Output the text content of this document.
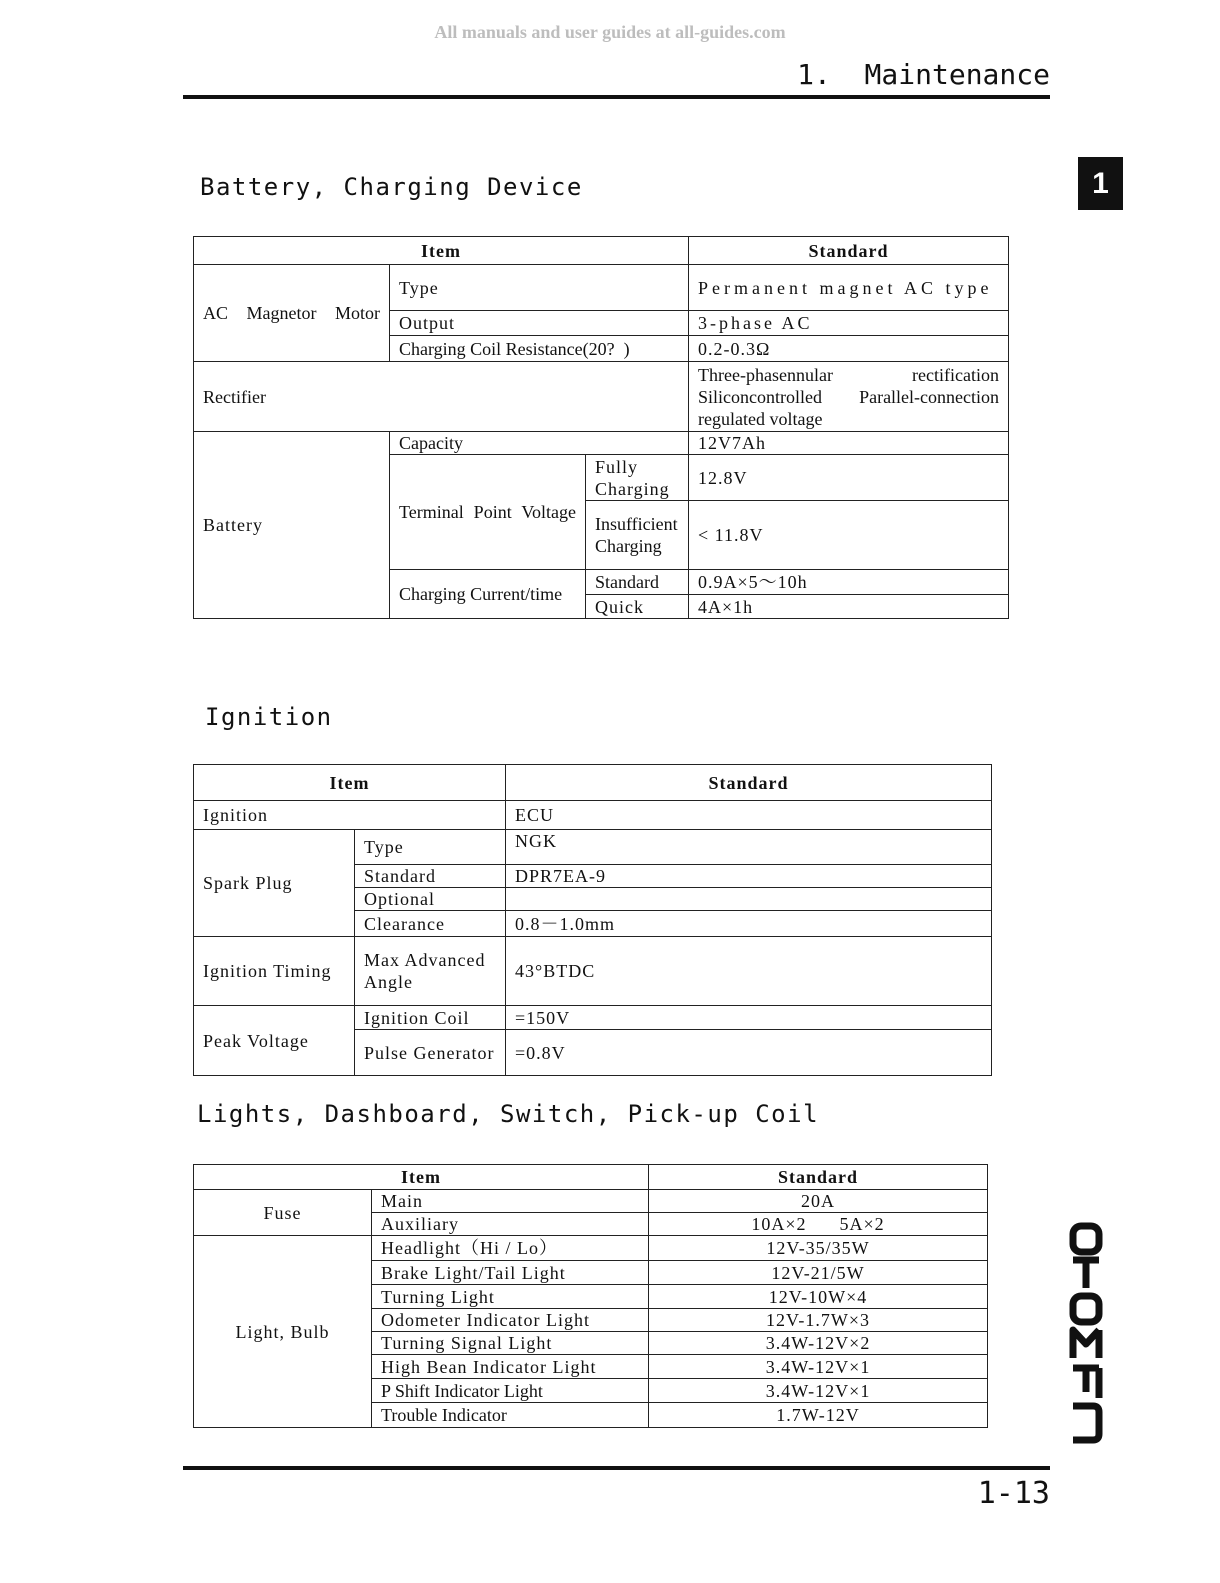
All manuals and user guides at all-guides.com
1.  Maintenance
1
Battery, Charging Device
Item			Standard
AC Magnetor Motor	Type		Permanent magnet AC type
	Output		3-phase AC
	Charging Coil Resistance(20?  )		0.2-0.3Ω
Rectifier			Three-phasennular rectification Siliconcontrolled Parallel-connection regulated voltage
Battery	Capacity		12V7Ah
	Terminal Point Voltage	Fully Charging	12.8V
		Insufficient Charging	< 11.8V
	Charging Current/time	Standard	0.9A×5～10h
		Quick	4A×1h
Ignition
Item		Standard
Ignition		ECU
Spark Plug	Type	NGK
	Standard	DPR7EA-9
	Optional	
	Clearance	0.8－1.0mm
Ignition Timing	Max Advanced Angle	43°BTDC
Peak Voltage	Ignition Coil	=150V
	Pulse Generator	=0.8V
Lights, Dashboard, Switch, Pick-up Coil
Item		Standard
Fuse	Main	20A
	Auxiliary	10A×2      5A×2
Light, Bulb	Headlight（Hi / Lo）	12V-35/35W
	Brake Light/Tail Light	12V-21/5W
	Turning Light	12V-10W×4
	Odometer Indicator Light	12V-1.7W×3
	Turning Signal Light	3.4W-12V×2
	High Bean Indicator Light	3.4W-12V×1
	P Shift Indicator Light	3.4W-12V×1
	Trouble Indicator	1.7W-12V
1-13
CFMOTO
